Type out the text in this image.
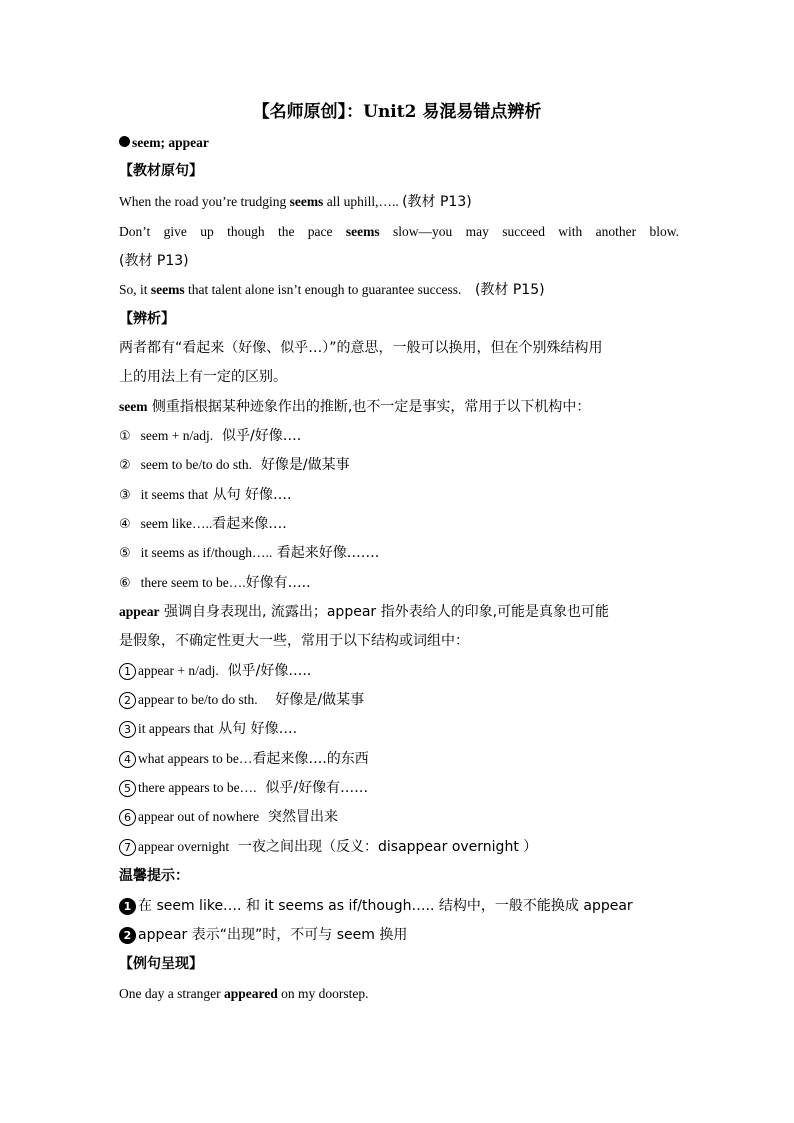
【名师原创】：Unit2 易混易错点辨析
seem; appear
【教材原句】
When the road you’re trudging seems all uphill,….. (教材 P13)
Don’t give up though the pace seems slow—you may succeed with another blow.
(教材 P13)
So, it seems that talent alone isn’t enough to guarantee success. (教材 P15)
【辨析】
两者都有“看起来（好像、似乎…）”的意思，一般可以换用，但在个别殊结构用
上的用法上有一定的区别。
seem 侧重指根据某种迹象作出的推断,也不一定是事实，常用于以下机构中：
① seem + n/adj. 似乎/好像….
② seem to be/to do sth. 好像是/做某事
③ it seems that 从句 好像….
④ seem like…..看起来像….
⑤ it seems as if/though….. 看起来好像…….
⑥ there seem to be….好像有…..
appear 强调自身表现出, 流露出；appear 指外表给人的印象,可能是真象也可能
是假象，不确定性更大一些，常用于以下结构或词组中：
1 appear + n/adj. 似乎/好像…..
2 appear to be/to do sth. 好像是/做某事
3 it appears that 从句 好像….
4 what appears to be…看起来像….的东西
5 there appears to be…. 似乎/好像有……
6 appear out of nowhere 突然冒出来
7 appear overnight 一夜之间出现（反义：disappear overnight ）
温馨提示：
1 在 seem like…. 和 it seems as if/though….. 结构中，一般不能换成 appear
2 appear 表示“出现”时，不可与 seem 换用
【例句呈现】
One day a stranger appeared on my doorstep.
